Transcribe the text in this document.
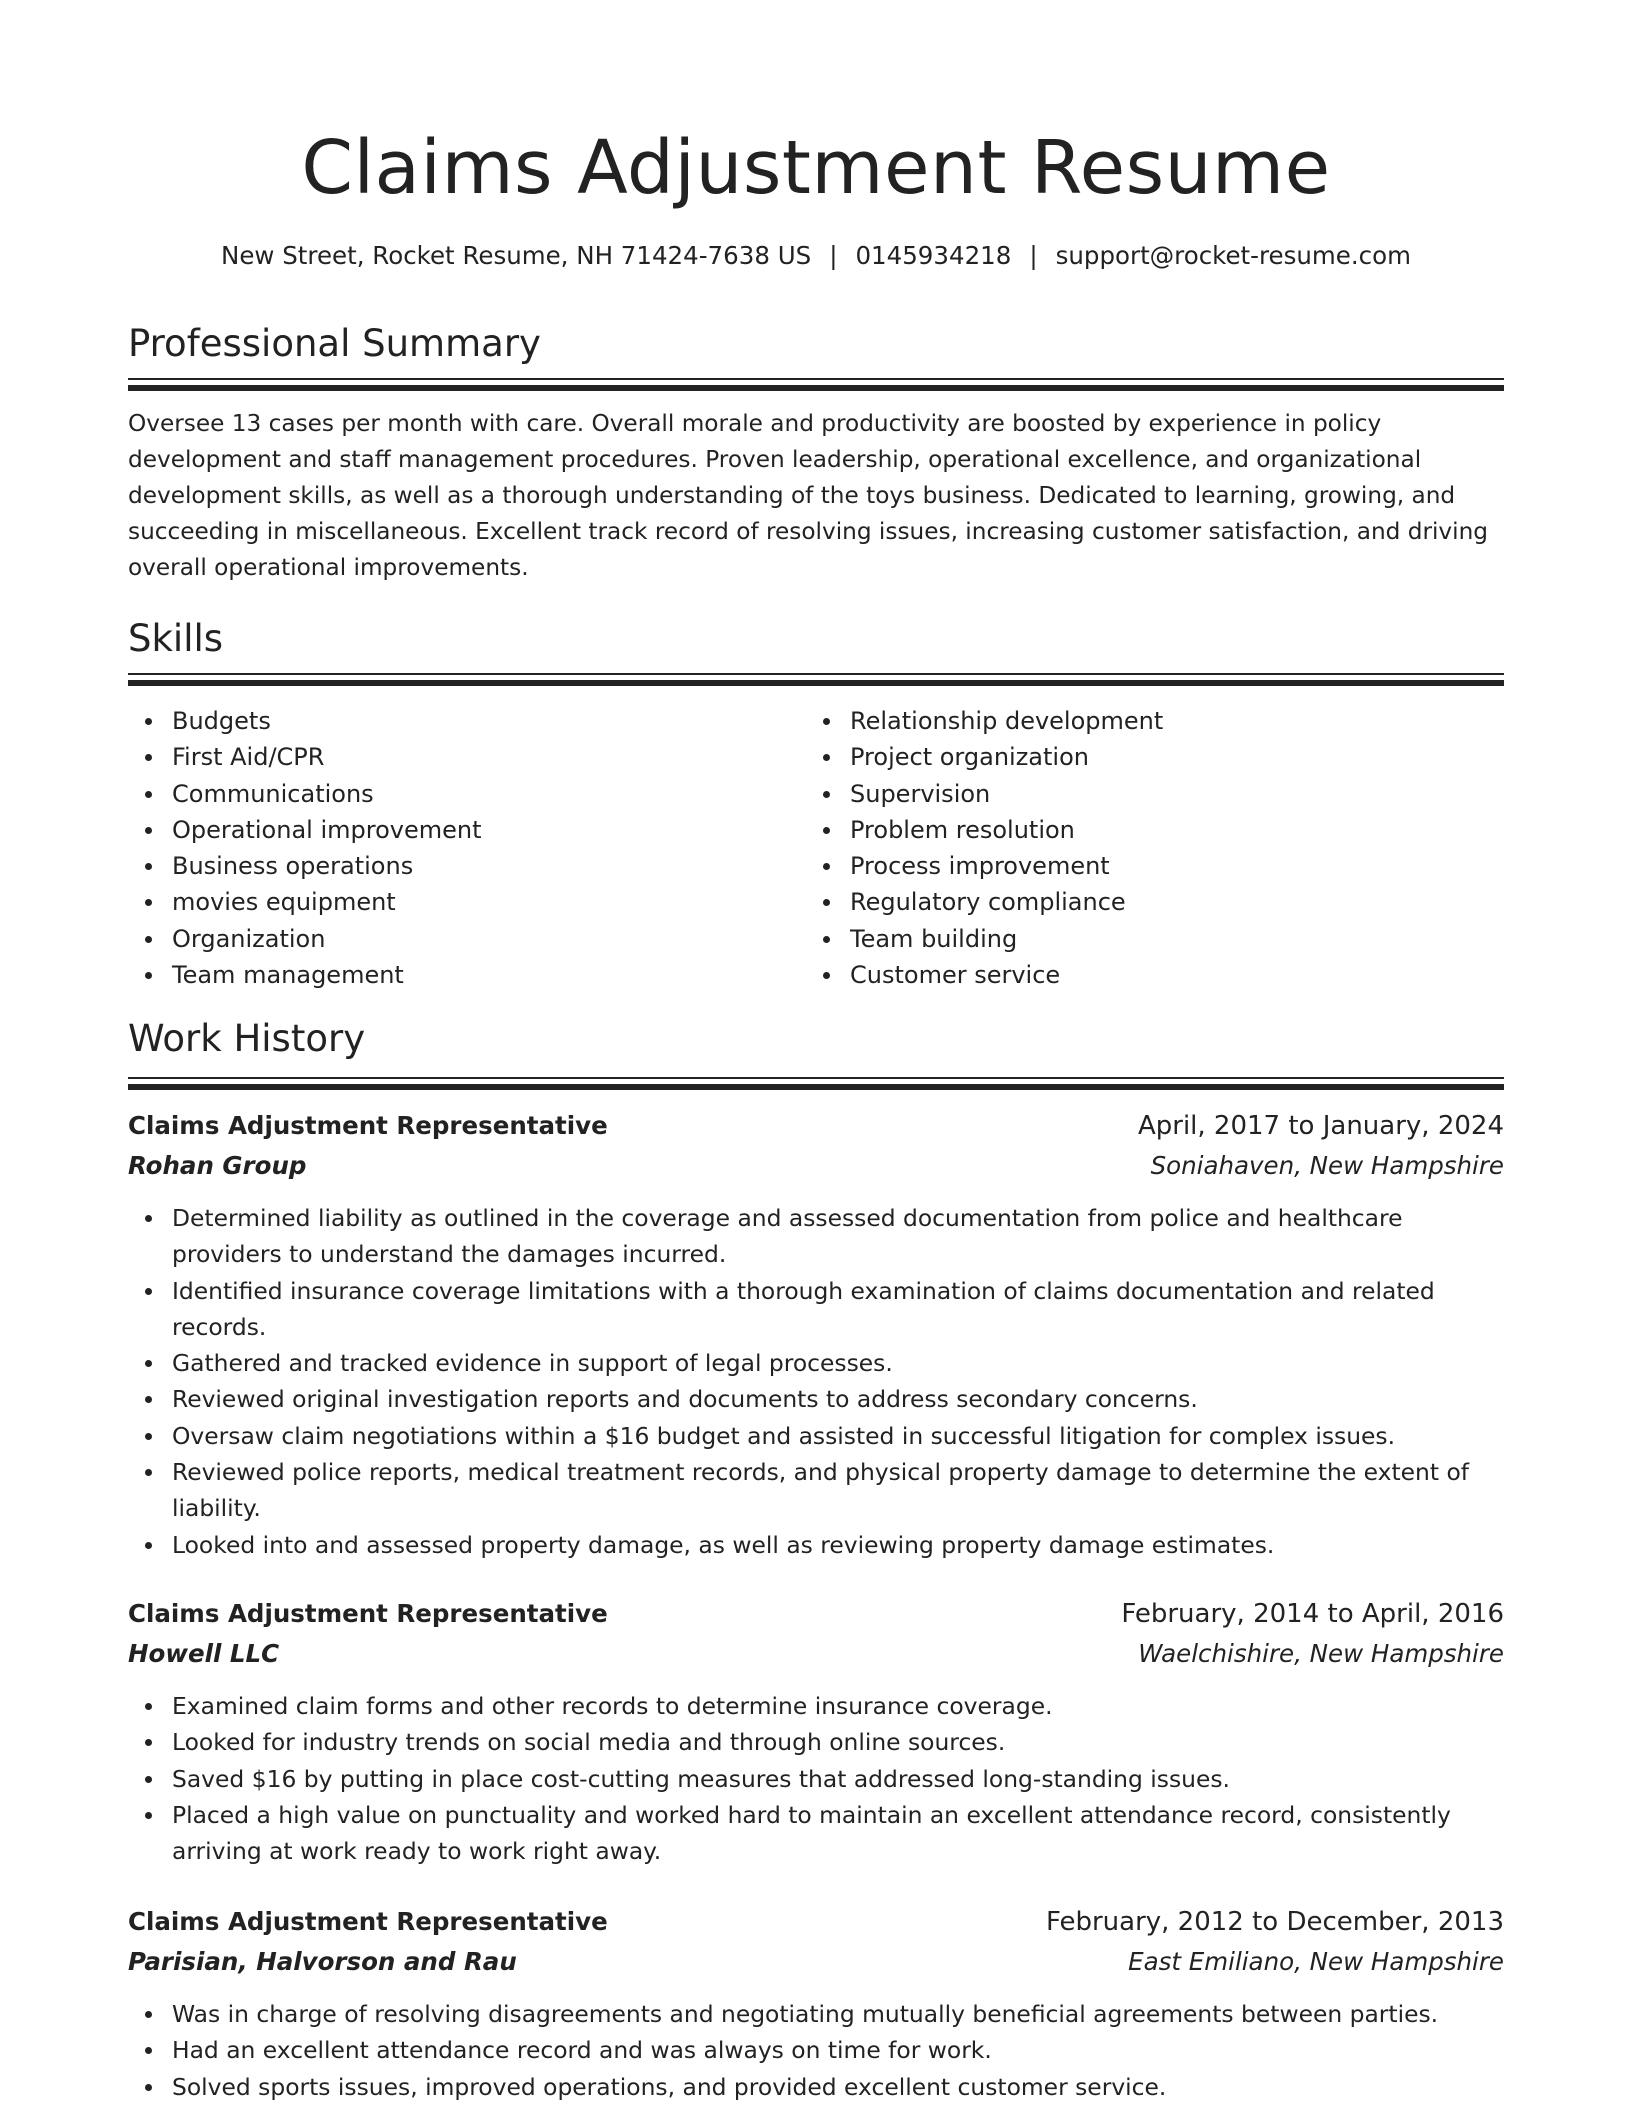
Claims Adjustment Resume
New Street, Rocket Resume, NH 71424-7638 US | 0145934218 | support@rocket-resume.com
Professional Summary

Oversee 13 cases per month with care. Overall morale and productivity are boosted by experience in policy development and staff management procedures. Proven leadership, operational excellence, and organizational development skills, as well as a thorough understanding of the toys business. Dedicated to learning, growing, and succeeding in miscellaneous. Excellent track record of resolving issues, increasing customer satisfaction, and driving overall operational improvements.

Skills
Budgets
First Aid/CPR
Communications
Operational improvement
Business operations
movies equipment
Organization
Team management
Relationship development
Project organization
Supervision
Problem resolution
Process improvement
Regulatory compliance
Team building
Customer service
Work History
Claims Adjustment Representative	April, 2017 to January, 2024
Rohan Group	Soniahaven, New Hampshire
Determined liability as outlined in the coverage and assessed documentation from police and healthcare providers to understand the damages incurred.
Identified insurance coverage limitations with a thorough examination of claims documentation and related records.
Gathered and tracked evidence in support of legal processes.
Reviewed original investigation reports and documents to address secondary concerns.
Oversaw claim negotiations within a $16 budget and assisted in successful litigation for complex issues.
Reviewed police reports, medical treatment records, and physical property damage to determine the extent of liability.
Looked into and assessed property damage, as well as reviewing property damage estimates.
Claims Adjustment Representative	February, 2014 to April, 2016
Howell LLC	Waelchishire, New Hampshire
Examined claim forms and other records to determine insurance coverage.
Looked for industry trends on social media and through online sources.
Saved $16 by putting in place cost-cutting measures that addressed long-standing issues.
Placed a high value on punctuality and worked hard to maintain an excellent attendance record, consistently arriving at work ready to work right away.
Claims Adjustment Representative	February, 2012 to December, 2013
Parisian, Halvorson and Rau	East Emiliano, New Hampshire
Was in charge of resolving disagreements and negotiating mutually beneficial agreements between parties.
Had an excellent attendance record and was always on time for work.
Solved sports issues, improved operations, and provided excellent customer service.
